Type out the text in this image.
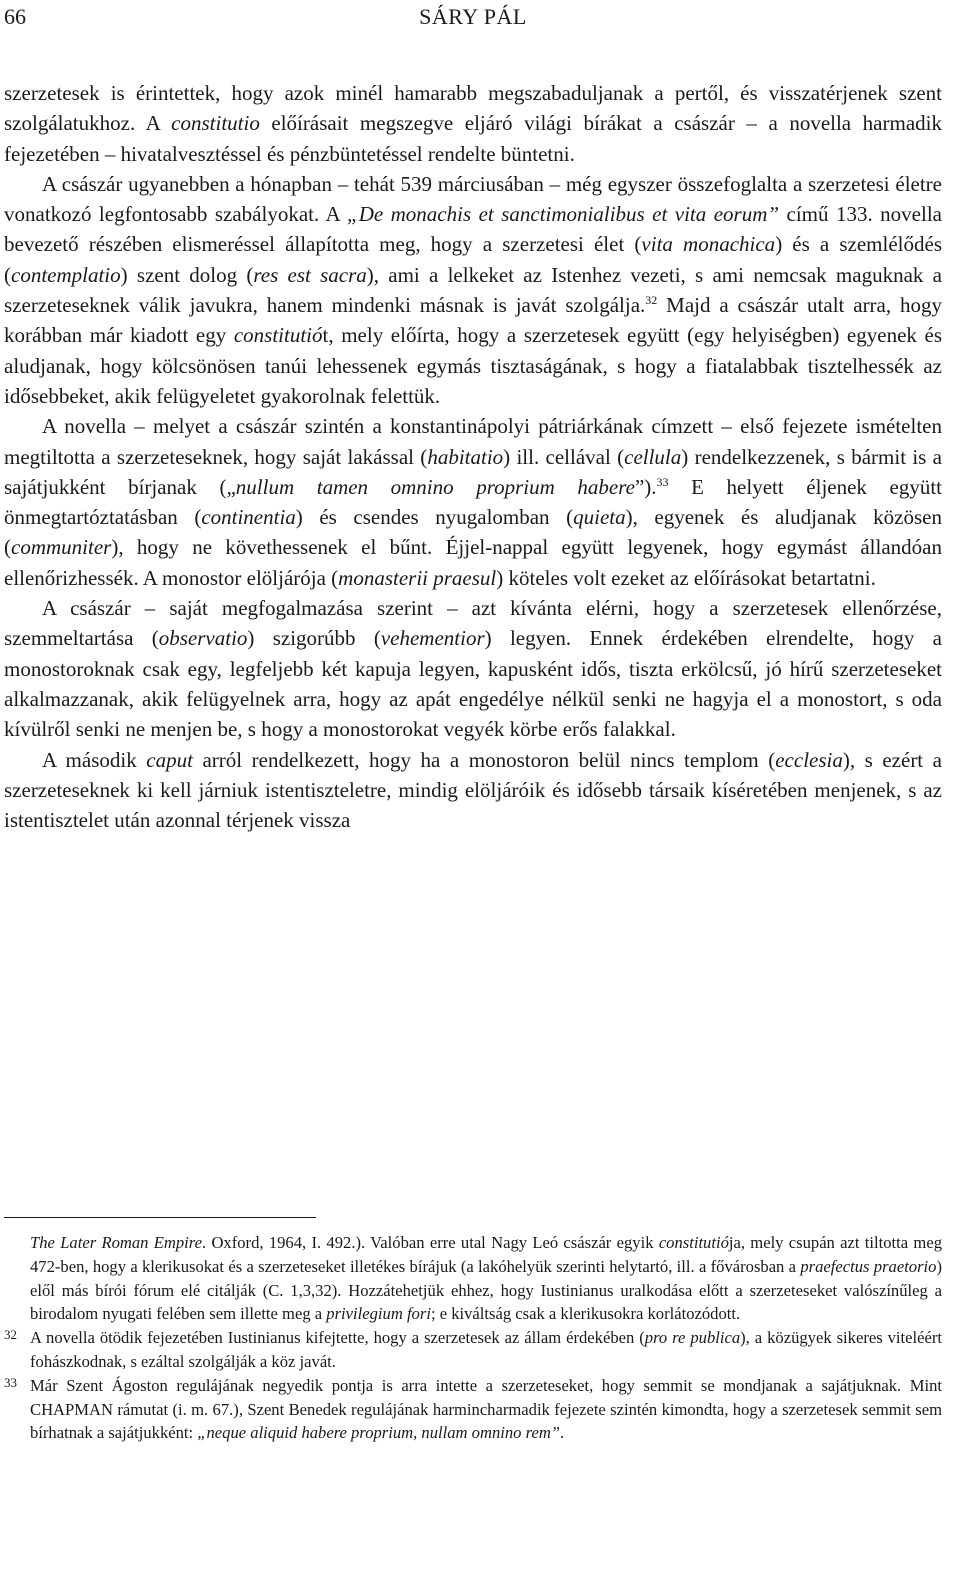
66	SÁRY PÁL

szerzetesek is érintettek, hogy azok minél hamarabb megszabaduljanak a pertől, és visszatérjenek szent szolgálatukhoz. A constitutio előírásait megszegve eljáró világi bírákat a császár – a novella harmadik fejezetében – hivatalvesztéssel és pénzbüntetéssel rendelte büntetni.

A császár ugyanebben a hónapban – tehát 539 márciusában – még egyszer összefoglalta a szerzetesi életre vonatkozó legfontosabb szabályokat. A „De monachis et sanctimonialibus et vita eorum” című 133. novella bevezető részében elismeréssel állapította meg, hogy a szerzetesi élet (vita monachica) és a szemlélődés (contemplatio) szent dolog (res est sacra), ami a lelkeket az Istenhez vezeti, s ami nemcsak maguknak a szerzeteseknek válik javukra, hanem mindenki másnak is javát szolgálja.$^{32}$ Majd a császár utalt arra, hogy korábban már kiadott egy constitutiót, mely előírta, hogy a szerzetesek együtt (egy helyiségben) egyenek és aludjanak, hogy kölcsönösen tanúi lehessenek egymás tisztaságának, s hogy a fiatalabbak tisztelhessék az idősebbeket, akik felügyeletet gyakorolnak felettük.

A novella – melyet a császár szintén a konstantinápolyi pátriárkának címzett – első fejezete ismételten megtiltotta a szerzeteseknek, hogy saját lakással (habitatio) ill. cellával (cellula) rendelkezzenek, s bármit is a sajátjukként bírjanak („nullum tamen omnino proprium habere”).$^{33}$ E helyett éljenek együtt önmegtartóztatásban (continentia) és csendes nyugalomban (quieta), egyenek és aludjanak közösen (communiter), hogy ne követhessenek el bűnt. Éjjel-nappal együtt legyenek, hogy egymást állandóan ellenőrizhessék. A monostor elöljárója (monasterii praesul) köteles volt ezeket az előírásokat betartatni.

A császár – saját megfogalmazása szerint – azt kívánta elérni, hogy a szerzetesek ellenőrzése, szemmeltartása (observatio) szigorúbb (vehementior) legyen. Ennek érdekében elrendelte, hogy a monostoroknak csak egy, legfeljebb két kapuja legyen, kapusként idős, tiszta erkölcsű, jó hírű szerzeteseket alkalmazzanak, akik felügyelnek arra, hogy az apát engedélye nélkül senki ne hagyja el a monostort, s oda kívülről senki ne menjen be, s hogy a monostorokat vegyék körbe erős falakkal.

A második caput arról rendelkezett, hogy ha a monostoron belül nincs templom (ecclesia), s ezért a szerzeteseknek ki kell járniuk istentiszteletre, mindig elöljáróik és idősebb társaik kíséretében menjenek, s az istentisztelet után azonnal térjenek vissza

The Later Roman Empire. Oxford, 1964, I. 492.). Valóban erre utal Nagy Leó császár egyik constitutiója, mely csupán azt tiltotta meg 472-ben, hogy a klerikusokat és a szerzeteseket illetékes bírájuk (a lakóhelyük szerinti helytartó, ill. a fővárosban a praefectus praetorio) elől más bírói fórum elé citálják (C. 1,3,32). Hozzátehetjük ehhez, hogy Iustinianus uralkodása előtt a szerzeteseket valószínűleg a birodalom nyugati felében sem illette meg a privilegium fori; e kiváltság csak a klerikusokra korlátozódott.

32 A novella ötödik fejezetében Iustinianus kifejtette, hogy a szerzetesek az állam érdekében (pro re publica), a közügyek sikeres viteléért fohászkodnak, s ezáltal szolgálják a köz javát.

33 Már Szent Ágoston regulájának negyedik pontja is arra intette a szerzeteseket, hogy semmit se mondjanak a sajátjuknak. Mint CHAPMAN rámutat (i. m. 67.), Szent Benedek regulájának harmincharmadik fejezete szintén kimondta, hogy a szerzetesek semmit sem bírhatnak a sajátjukként: „neque aliquid habere proprium, nullam omnino rem”.
